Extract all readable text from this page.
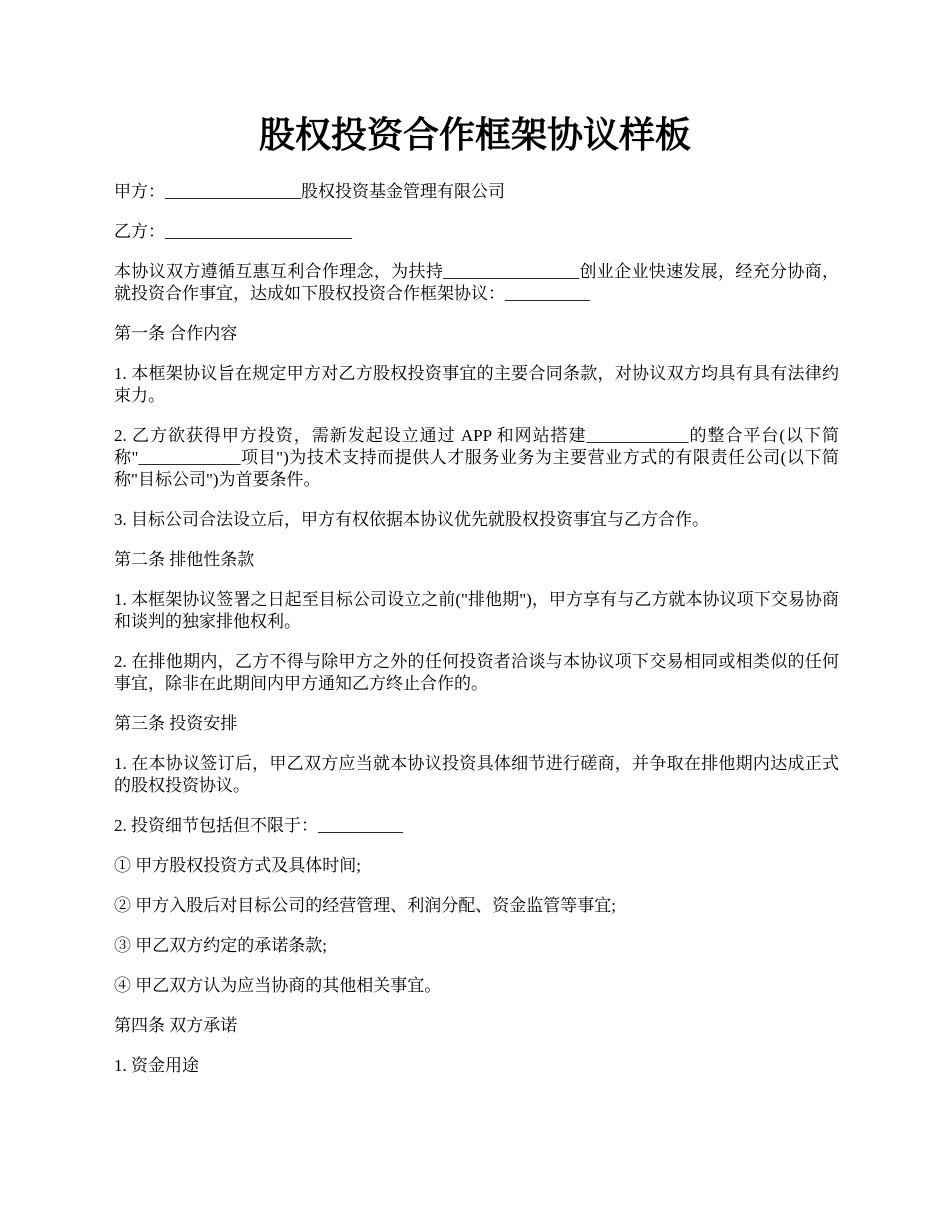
股权投资合作框架协议样板

甲方：________________股权投资基金管理有限公司

乙方：______________________

本协议双方遵循互惠互利合作理念，为扶持________________创业企业快速发展，经充分协商，就投资合作事宜，达成如下股权投资合作框架协议：__________

第一条 合作内容

1. 本框架协议旨在规定甲方对乙方股权投资事宜的主要合同条款，对协议双方均具有具有法律约束力。

2. 乙方欲获得甲方投资，需新发起设立通过 APP 和网站搭建____________的整合平台(以下简称"____________项目")为技术支持而提供人才服务业务为主要营业方式的有限责任公司(以下简称"目标公司")为首要条件。

3. 目标公司合法设立后，甲方有权依据本协议优先就股权投资事宜与乙方合作。

第二条 排他性条款

1. 本框架协议签署之日起至目标公司设立之前("排他期")，甲方享有与乙方就本协议项下交易协商和谈判的独家排他权利。

2. 在排他期内，乙方不得与除甲方之外的任何投资者洽谈与本协议项下交易相同或相类似的任何事宜，除非在此期间内甲方通知乙方终止合作的。

第三条 投资安排

1. 在本协议签订后，甲乙双方应当就本协议投资具体细节进行磋商，并争取在排他期内达成正式的股权投资协议。

2. 投资细节包括但不限于：__________

① 甲方股权投资方式及具体时间;

② 甲方入股后对目标公司的经营管理、利润分配、资金监管等事宜;

③ 甲乙双方约定的承诺条款;

④ 甲乙双方认为应当协商的其他相关事宜。

第四条 双方承诺

1. 资金用途
